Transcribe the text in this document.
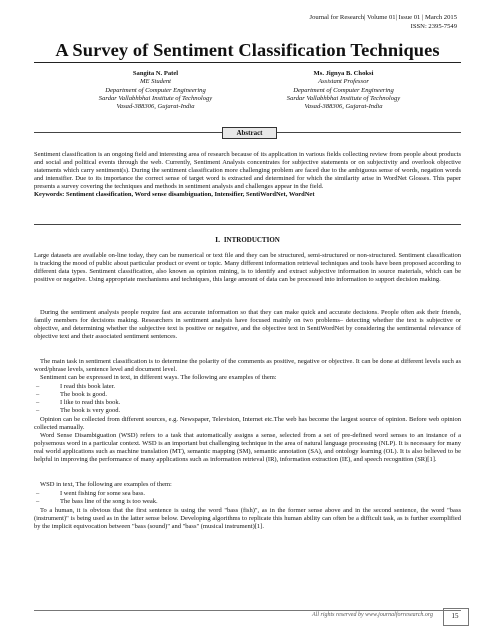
Journal for Research| Volume 01| Issue 01 | March 2015
ISSN: 2395-7549
A Survey of Sentiment Classification Techniques
Sangita N. Patel
ME Student
Department of Computer Engineering
Sardar Vallabhbhai Institute of Technology
Vasad-388306, Gujarat-India
Ms. Jignya B. Choksi
Assistant Professor
Department of Computer Engineering
Sardar Vallabhbhai Institute of Technology
Vasad-388306, Gujarat-India
Abstract
Sentiment classification is an ongoing field and interesting area of research because of its application in various fields collecting review from people about products and social and political events through the web. Currently, Sentiment Analysis concentrates for subjective statements or on subjectivity and overlook objective statements which carry sentiment(s). During the sentiment classification more challenging problem are faced due to the ambiguous sense of words, negation words and intensifier. Due to its importance the correct sense of target word is extracted and determined for which the similarity arise in WordNet Glosses. This paper presents a survey covering the techniques and methods in sentiment analysis and challenges appear in the field.
Keywords: Sentiment classification, Word sense disambiguation, Intensifier, SentiWordNet, WordNet
I. INTRODUCTION
Large datasets are available on-line today, they can be numerical or text file and they can be structured, semi-structured or non-structured. Sentiment classification is tracking the mood of public about particular product or event or topic. Many different information retrieval techniques and tools have been proposed according to different data types. Sentiment classification, also known as opinion mining, is to identify and extract subjective information in source materials, which can be positive or negative. Using appropriate mechanisms and techniques, this large amount of data can be processed into information to support decision making.
During the sentiment analysis people require fast ans accurate information so that they can make quick and accurate decisions. People often ask their friends, family members for decisions making. Researchers in sentiment analysis have focused mainly on two problems– detecting whether the text is subjective or objective, and determining whether the subjective text is positive or negative, and the objective text in SentiWordNet by considering the sentimental relevance of objective text and their associated sentiment sentences.
The main task in sentiment classification is to determine the polarity of the comments as positive, negative or objective. It can be done at different levels such as word/phrase levels, sentence level and document level.
Sentiment can be expressed in text, in different ways. The following are examples of them:
–	I read this book later.
–	The book is good.
–	I like to read this book.
–	The book is very good.
Opinion can be collected from different sources, e.g. Newspaper, Television, Internet etc.The web has become the largest source of opinion. Before web opinion collected manually.
Word Sense Disambiguation (WSD) refers to a task that automatically assigns a sense, selected from a set of pre-defined word senses to an instance of a polysemous word in a particular context. WSD is an important but challenging technique in the area of natural language processing (NLP). It is necessary for many real world applications such as machine translation (MT), semantic mapping (SM), semantic annotation (SA), and ontology learning (OL). It is also believed to be helpful in improving the performance of many applications such as information retrieval (IR), information extraction (IE), and speech recognition (SR)[1].
WSD in text, The following are examples of them:
–	I went fishing for some sea bass.
–	The bass line of the song is too weak.
To a human, it is obvious that the first sentence is using the word "bass (fish)", as in the former sense above and in the second sentence, the word "bass (instrument)" is being used as in the latter sense below. Developing algorithms to replicate this human ability can often be a difficult task, as is further exemplified by the implicit equivocation between "bass (sound)" and "bass" (musical instrument)[1].
All rights reserved by www.journalforresearch.org	15
